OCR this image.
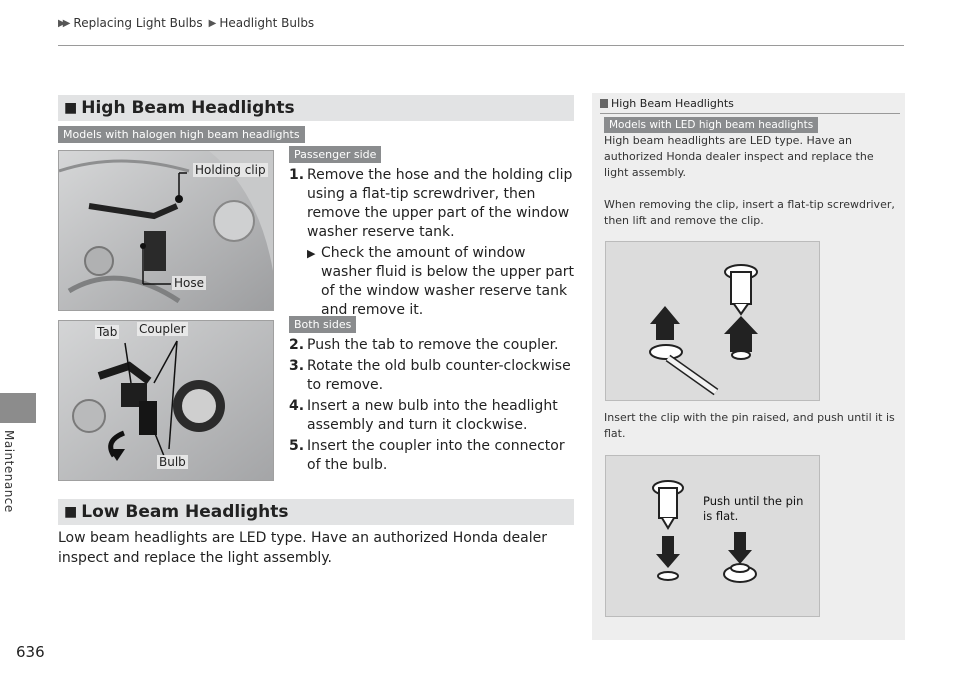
▶▶ Replacing Light Bulbs ▶ Headlight Bulbs
Maintenance
636
■ High Beam Headlights
Models with halogen high beam headlights
Holding clip
Hose
Tab Coupler
Bulb
Passenger side
Both sides
1. Remove the hose and the holding clip using a flat-tip screwdriver, then remove the upper part of the window washer reserve tank.
▶ Check the amount of window washer fluid is below the upper part of the window washer reserve tank and remove it.
2. Push the tab to remove the coupler.
3. Rotate the old bulb counter-clockwise to remove.
4. Insert a new bulb into the headlight assembly and turn it clockwise.
5. Insert the coupler into the connector of the bulb.
■ Low Beam Headlights
Low beam headlights are LED type. Have an authorized Honda dealer inspect and replace the light assembly.
High Beam Headlights
Models with LED high beam headlights
High beam headlights are LED type. Have an authorized Honda dealer inspect and replace the light assembly.
When removing the clip, insert a flat-tip screwdriver, then lift and remove the clip.
Insert the clip with the pin raised, and push until it is flat.
Push until the pin is flat.
